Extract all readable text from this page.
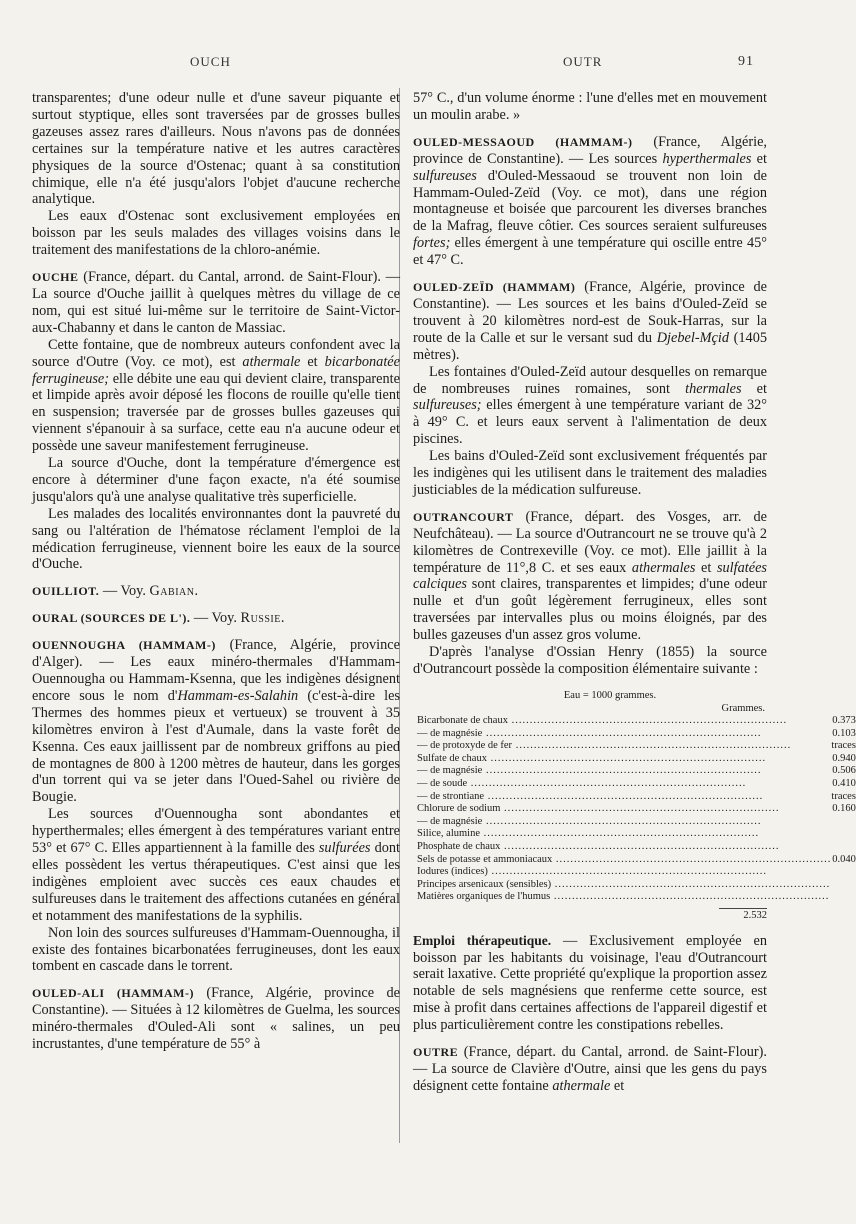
OUCH	OUTR	91

transparentes; d'une odeur nulle et d'une saveur piquante et surtout styptique, elles sont traversées par de grosses bulles gazeuses assez rares d'ailleurs. Nous n'avons pas de données certaines sur la température native et les autres caractères physiques de la source d'Ostenac; quant à sa constitution chimique, elle n'a été jusqu'alors l'objet d'aucune recherche analytique.

Les eaux d'Ostenac sont exclusivement employées en boisson par les seuls malades des villages voisins dans le traitement des manifestations de la chloro-anémie.

OUCHE (France, départ. du Cantal, arrond. de Saint-Flour). — La source d'Ouche jaillit à quelques mètres du village de ce nom, qui est situé lui-même sur le territoire de Saint-Victor-aux-Chabanny et dans le canton de Massiac.

Cette fontaine, que de nombreux auteurs confondent avec la source d'Outre (Voy. ce mot), est athermale et bicarbonatée ferrugineuse; elle débite une eau qui devient claire, transparente et limpide après avoir déposé les flocons de rouille qu'elle tient en suspension; traversée par de grosses bulles gazeuses qui viennent s'épanouir à sa surface, cette eau n'a aucune odeur et possède une saveur manifestement ferrugineuse.

La source d'Ouche, dont la température d'émergence est encore à déterminer d'une façon exacte, n'a été soumise jusqu'alors qu'à une analyse qualitative très superficielle.

Les malades des localités environnantes dont la pauvreté du sang ou l'altération de l'hématose réclament l'emploi de la médication ferrugineuse, viennent boire les eaux de la source d'Ouche.

OUILLIOT. — Voy. Gabian.

OURAL (SOURCES DE L'). — Voy. Russie.

OUENNOUGHA (HAMMAM-) (France, Algérie, province d'Alger). — Les eaux minéro-thermales d'Hammam-Ouennougha ou Hammam-Ksenna, que les indigènes désignent encore sous le nom d'Hammam-es-Salahin (c'est-à-dire les Thermes des hommes pieux et vertueux) se trouvent à 35 kilomètres environ à l'est d'Aumale, dans la vaste forêt de Ksenna. Ces eaux jaillissent par de nombreux griffons au pied de montagnes de 800 à 1200 mètres de hauteur, dans les gorges d'un torrent qui va se jeter dans l'Oued-Sahel ou rivière de Bougie.

Les sources d'Ouennougha sont abondantes et hyperthermales; elles émergent à des températures variant entre 53° et 67° C. Elles appartiennent à la famille des sulfurées dont elles possèdent les vertus thérapeutiques. C'est ainsi que les indigènes emploient avec succès ces eaux chaudes et sulfureuses dans le traitement des affections cutanées en général et notamment des manifestations de la syphilis.

Non loin des sources sulfureuses d'Hammam-Ouennougha, il existe des fontaines bicarbonatées ferrugineuses, dont les eaux tombent en cascade dans le torrent.

OULED-ALI (HAMMAM-) (France, Algérie, province de Constantine). — Situées à 12 kilomètres de Guelma, les sources minéro-thermales d'Ouled-Ali sont « salines, un peu incrustantes, d'une température de 55° à

57° C., d'un volume énorme : l'une d'elles met en mouvement un moulin arabe. »

OULED-MESSAOUD (HAMMAM-) (France, Algérie, province de Constantine). — Les sources hyperthermales et sulfureuses d'Ouled-Messaoud se trouvent non loin de Hammam-Ouled-Zeïd (Voy. ce mot), dans une région montagneuse et boisée que parcourent les diverses branches de la Mafrag, fleuve côtier. Ces sources seraient sulfureuses fortes; elles émergent à une température qui oscille entre 45° et 47° C.

OULED-ZEÏD (HAMMAM) (France, Algérie, province de Constantine). — Les sources et les bains d'Ouled-Zeïd se trouvent à 20 kilomètres nord-est de Souk-Harras, sur la route de la Calle et sur le versant sud du Djebel-Mçid (1405 mètres).

Les fontaines d'Ouled-Zeïd autour desquelles on remarque de nombreuses ruines romaines, sont thermales et sulfureuses; elles émergent à une température variant de 32° à 49° C. et leurs eaux servent à l'alimentation de deux piscines.

Les bains d'Ouled-Zeïd sont exclusivement fréquentés par les indigènes qui les utilisent dans le traitement des maladies justiciables de la médication sulfureuse.

OUTRANCOURT (France, départ. des Vosges, arr. de Neufchâteau). — La source d'Outrancourt ne se trouve qu'à 2 kilomètres de Contrexeville (Voy. ce mot). Elle jaillit à la température de 11°,8 C. et ses eaux athermales et sulfatées calciques sont claires, transparentes et limpides; d'une odeur nulle et d'un goût légèrement ferrugineux, elles sont traversées par intervalles plus ou moins éloignés, par des bulles gazeuses d'un assez gros volume.

D'après l'analyse d'Ossian Henry (1855) la source d'Outrancourt possède la composition élémentaire suivante :

Eau = 1000 grammes.
Grammes.
Bicarbonate de chaux .....	0.373
— de magnésie .....	0.103
— de protoxyde de fer .....	traces
Sulfate de chaux .....	0.940
— de magnésie .....	0.506
— de soude .....	0.410
— de strontiane .....	traces
Chlorure de sodium .....	0.160
— de magnésie .....	
Silice, alumine .....	
Phosphate de chaux .....	
Sels de potasse et ammoniacaux .....	0.040
Iodures (indices) .....	
Principes arsenicaux (sensibles) .....	
Matières organiques de l'humus .....	
2.532

Emploi thérapeutique. — Exclusivement employée en boisson par les habitants du voisinage, l'eau d'Outrancourt serait laxative. Cette propriété qu'explique la proportion assez notable de sels magnésiens que renferme cette source, est mise à profit dans certaines affections de l'appareil digestif et plus particulièrement contre les constipations rebelles.

OUTRE (France, départ. du Cantal, arrond. de Saint-Flour). — La source de Clavière d'Outre, ainsi que les gens du pays désignent cette fontaine athermale et
